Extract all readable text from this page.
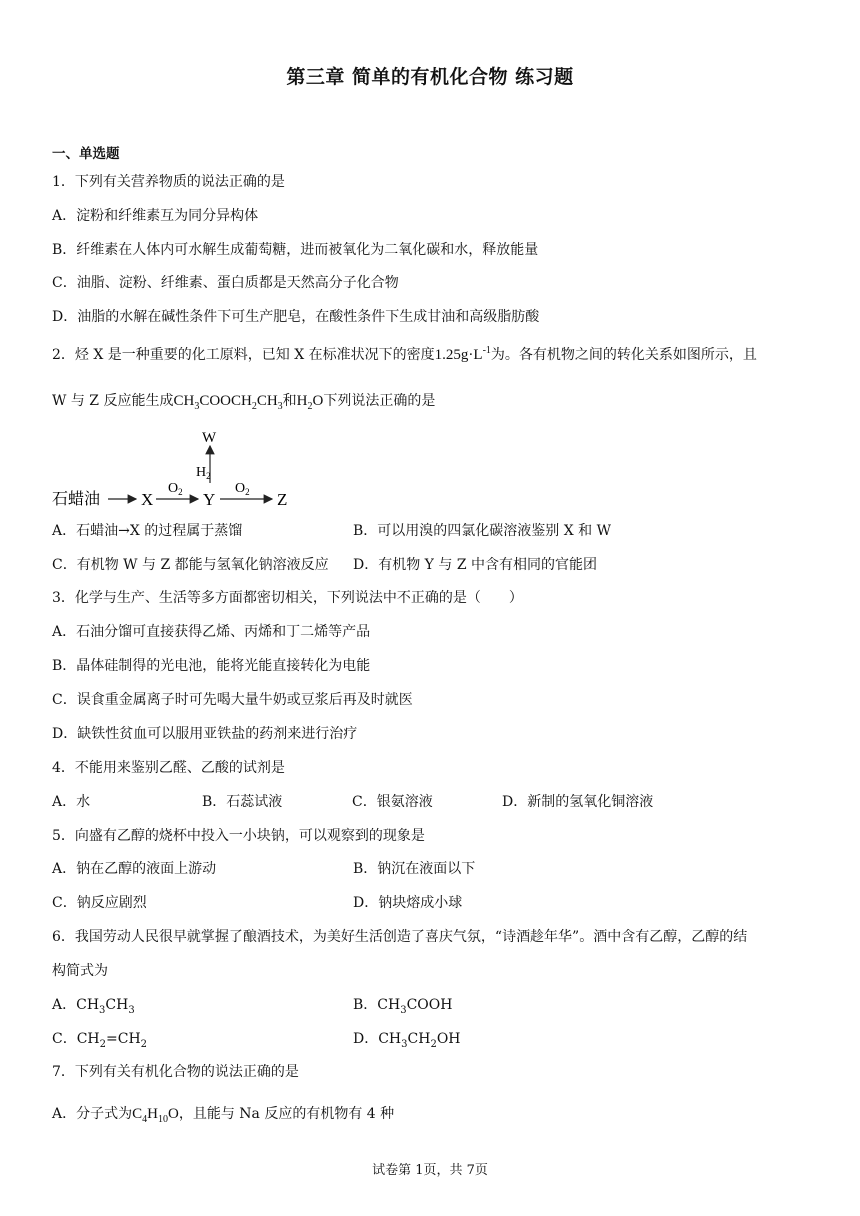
第三章 简单的有机化合物 练习题
一、单选题
1．下列有关营养物质的说法正确的是
A．淀粉和纤维素互为同分异构体
B．纤维素在人体内可水解生成葡萄糖，进而被氧化为二氧化碳和水，释放能量
C．油脂、淀粉、纤维素、蛋白质都是天然高分子化合物
D．油脂的水解在碱性条件下可生产肥皂，在酸性条件下生成甘油和高级脂肪酸
2．烃 X 是一种重要的化工原料，已知 X 在标准状况下的密度$1.25g\cdot L^{-1}$为。各有机物之间的转化关系如图所示，且
W 与 Z 反应能生成$CH_3COOCH_2CH_3$和$H_2O$下列说法正确的是
石蜡油 X
$O_2$ Y
$H_2$
W
$O_2$ Z
A．石蜡油→X 的过程属于蒸馏	B．可以用溴的四氯化碳溶液鉴别 X 和 W
C．有机物 W 与 Z 都能与氢氧化钠溶液反应 D．有机物 Y 与 Z 中含有相同的官能团
3．化学与生产、生活等多方面都密切相关，下列说法中不正确的是（　　）
A．石油分馏可直接获得乙烯、丙烯和丁二烯等产品
B．晶体硅制得的光电池，能将光能直接转化为电能
C．误食重金属离子时可先喝大量牛奶或豆浆后再及时就医
D．缺铁性贫血可以服用亚铁盐的药剂来进行治疗
4．不能用来鉴别乙醛、乙酸的试剂是
A．水	B．石蕊试液	C．银氨溶液	D．新制的氢氧化铜溶液
5．向盛有乙醇的烧杯中投入一小块钠，可以观察到的现象是
A．钠在乙醇的液面上游动	B．钠沉在液面以下
C．钠反应剧烈	D．钠块熔成小球
6．我国劳动人民很早就掌握了酿酒技术，为美好生活创造了喜庆气氛，“诗酒趁年华”。酒中含有乙醇，乙醇的结
构简式为
A．$CH_3CH_3$	B．$CH_3COOH$
C．$CH_2=CH_2$	D．$CH_3CH_2OH$
7．下列有关有机化合物的说法正确的是
A．分子式为$C_4H_{10}O$，且能与 Na 反应的有机物有 4 种
试卷第 1页，共 7页
